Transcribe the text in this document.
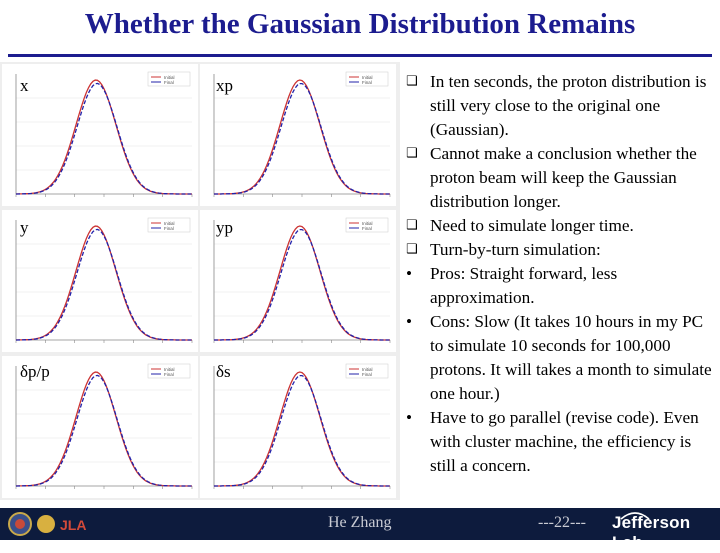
Whether the Gaussian Distribution Remains
Initial
Final
x	Initial
Final
xp
Initial
Final
y	Initial
Final
yp
Initial
Final
δp/p	Initial
Final
δs
❑ In ten seconds, the proton distribution is still very close to the original one (Gaussian).
❑ Cannot make a conclusion whether the proton beam will keep the Gaussian distribution longer.
❑ Need to simulate longer time.
❑ Turn-by-turn simulation:
•	Pros: Straight forward, less approximation.
•	Cons: Slow (It takes 10 hours in my PC to simulate 10 seconds for 100,000 protons. It will takes a month to simulate one hour.)
•	Have to go parallel (revise code). Even with cluster machine, the efficiency is still a concern.
JLA	He Zhang	---22--- Jefferson Lab
